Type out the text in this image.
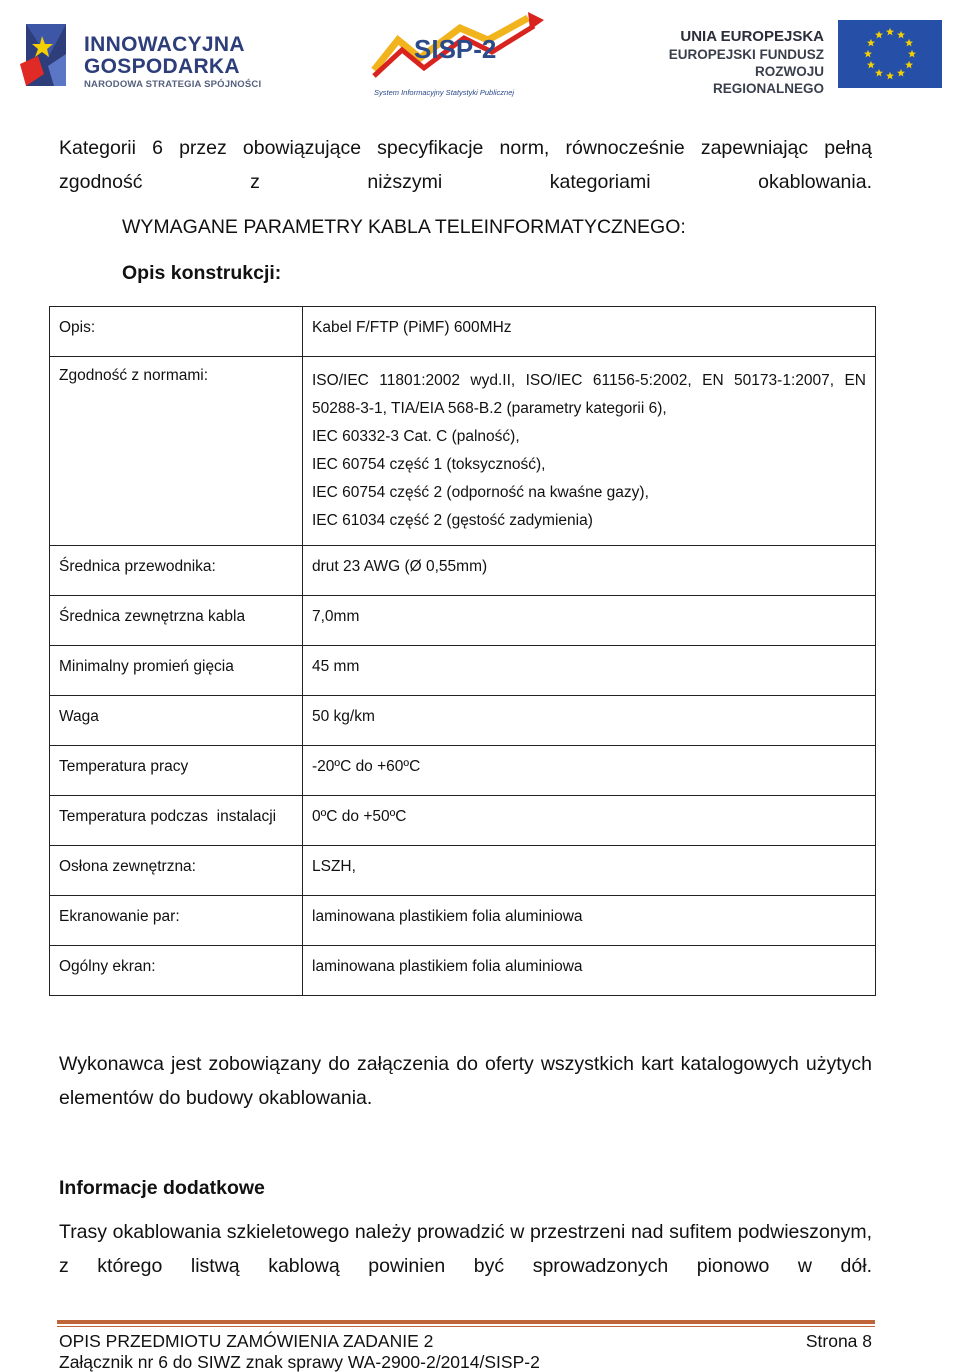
INNOWACYJNA
GOSPODARKA
NARODOWA STRATEGIA SPÓJNOŚCI
SISP-2
System Informacyjny Statystyki Publicznej
UNIA EUROPEJSKA
EUROPEJSKI FUNDUSZ
ROZWOJU REGIONALNEGO
Kategorii 6 przez obowiązujące specyfikacje norm, równocześnie zapewniając pełną zgodność z niższymi kategoriami okablowania.
WYMAGANE PARAMETRY KABLA TELEINFORMATYCZNEGO:
Opis konstrukcji:
Opis:	Kabel F/FTP (PiMF) 600MHz

Zgodność z normami:	ISO/IEC 11801:2002 wyd.II, ISO/IEC 61156-5:2002, EN 50173-1:2007, EN 50288-3-1, TIA/EIA 568-B.2 (parametry kategorii 6),
IEC 60332-3 Cat. C (palność),
IEC 60754 część 1 (toksyczność),
IEC 60754 część 2 (odporność na kwaśne gazy),
IEC 61034 część 2 (gęstość zadymienia)

Średnica przewodnika:	drut 23 AWG (Ø 0,55mm)

Średnica zewnętrzna kabla	7,0mm

Minimalny promień gięcia	45 mm

Waga	50 kg/km

Temperatura pracy	-20ºC do +60ºC

Temperatura podczas  instalacji	0ºC do +50ºC

Osłona zewnętrzna:	LSZH,

Ekranowanie par:	laminowana plastikiem folia aluminiowa

Ogólny ekran:	laminowana plastikiem folia aluminiowa
Wykonawca jest zobowiązany do załączenia do oferty wszystkich kart katalogowych użytych elementów do budowy okablowania.
Informacje dodatkowe
Trasy okablowania szkieletowego należy prowadzić w przestrzeni nad sufitem podwieszonym, z którego listwą kablową powinien być sprowadzonych pionowo w dół.
OPIS PRZEDMIOTU ZAMÓWIENIA ZADANIE 2	Strona 8
Załącznik nr 6 do SIWZ znak sprawy WA-2900-2/2014/SISP-2
